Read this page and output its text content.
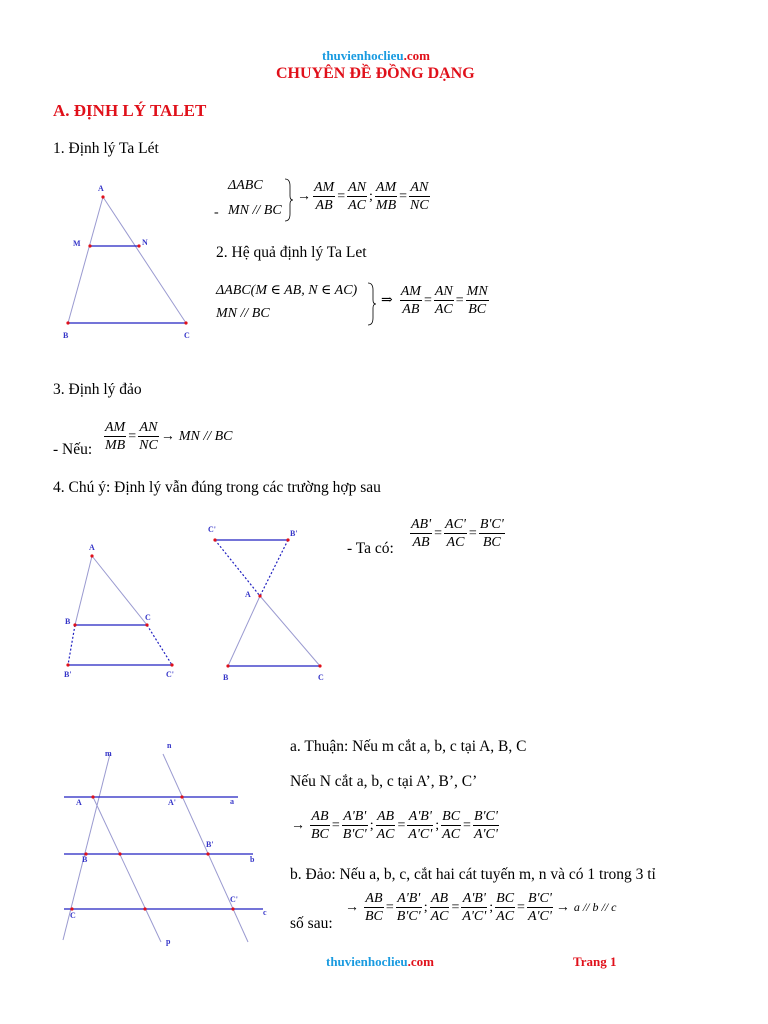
thuvienhoclieu.com
CHUYÊN ĐỀ ĐỒNG DẠNG
A. ĐỊNH LÝ TALET
1. Định lý Ta Lét
ΔABC
- MN // BC
→ $\frac{AM}{AB} = \frac{AN}{AC}$ ; $\frac{AM}{MB} = \frac{AN}{NC}$
2. Hệ quả định lý Ta Let
ΔABC(M ∈ AB, N ∈ AC)
MN // BC
⇒ $\frac{AM}{AB} = \frac{AN}{AC} = \frac{MN}{BC}$
A
M	N
B	C
3. Định lý đảo
- Nếu: $\frac{AM}{MB} = \frac{AN}{NC}$ → MN // BC
4. Chú ý: Định lý vẫn đúng trong các trường hợp sau
- Ta có: $\frac{AB'}{AB} = \frac{AC'}{AC} = \frac{B'C'}{BC}$
A
B	C
B'	C'
C'	B'
A
B	C
m
n
a
b
c
A	A'
B
B'
C
C'
p
a. Thuận: Nếu m cắt a, b, c tại A, B, C
Nếu N cắt a, b, c tại A’, B’, C’
→ $\frac{AB}{BC} = \frac{A'B'}{B'C'}$ ; $\frac{AB}{AC} = \frac{A'B'}{A'C'}$ ; $\frac{BC}{AC} = \frac{B'C'}{A'C'}$
b. Đảo: Nếu a, b, c, cắt hai cát tuyến m, n và có 1 trong 3 tỉ
số sau:
→ $\frac{AB}{BC} = \frac{A'B'}{B'C'}$ ; $\frac{AB}{AC} = \frac{A'B'}{A'C'}$ ; $\frac{BC}{AC} = \frac{B'C'}{A'C'} \to a // b // c$
thuvienhoclieu.com	Trang 1
